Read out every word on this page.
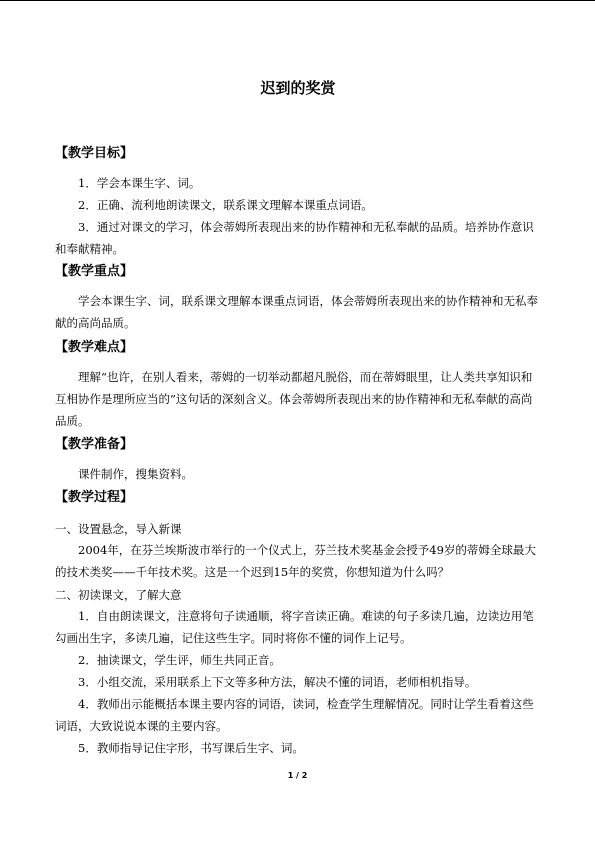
迟到的奖赏
【教学目标】
1．学会本课生字、词。
2．正确、流利地朗读课文，联系课文理解本课重点词语。
3．通过对课文的学习，体会蒂姆所表现出来的协作精神和无私奉献的品质。培养协作意识和奉献精神。
【教学重点】
学会本课生字、词，联系课文理解本课重点词语，体会蒂姆所表现出来的协作精神和无私奉献的高尚品质。
【教学难点】
理解“也许，在别人看来，蒂姆的一切举动都超凡脱俗，而在蒂姆眼里，让人类共享知识和互相协作是理所应当的”这句话的深刻含义。体会蒂姆所表现出来的协作精神和无私奉献的高尚品质。
【教学准备】
课件制作，搜集资料。
【教学过程】
一、设置悬念，导入新课
2004年，在芬兰埃斯波市举行的一个仪式上，芬兰技术奖基金会授予49岁的蒂姆全球最大的技术类奖——千年技术奖。这是一个迟到15年的奖赏，你想知道为什么吗？
二、初读课文，了解大意
1．自由朗读课文，注意将句子读通顺，将字音读正确。难读的句子多读几遍，边读边用笔勾画出生字，多读几遍，记住这些生字。同时将你不懂的词作上记号。
2．抽读课文，学生评，师生共同正音。
3．小组交流，采用联系上下文等多种方法，解决不懂的词语，老师相机指导。
4．教师出示能概括本课主要内容的词语，读词，检查学生理解情况。同时让学生看着这些词语，大致说说本课的主要内容。
5．教师指导记住字形，书写课后生字、词。
1 / 2
